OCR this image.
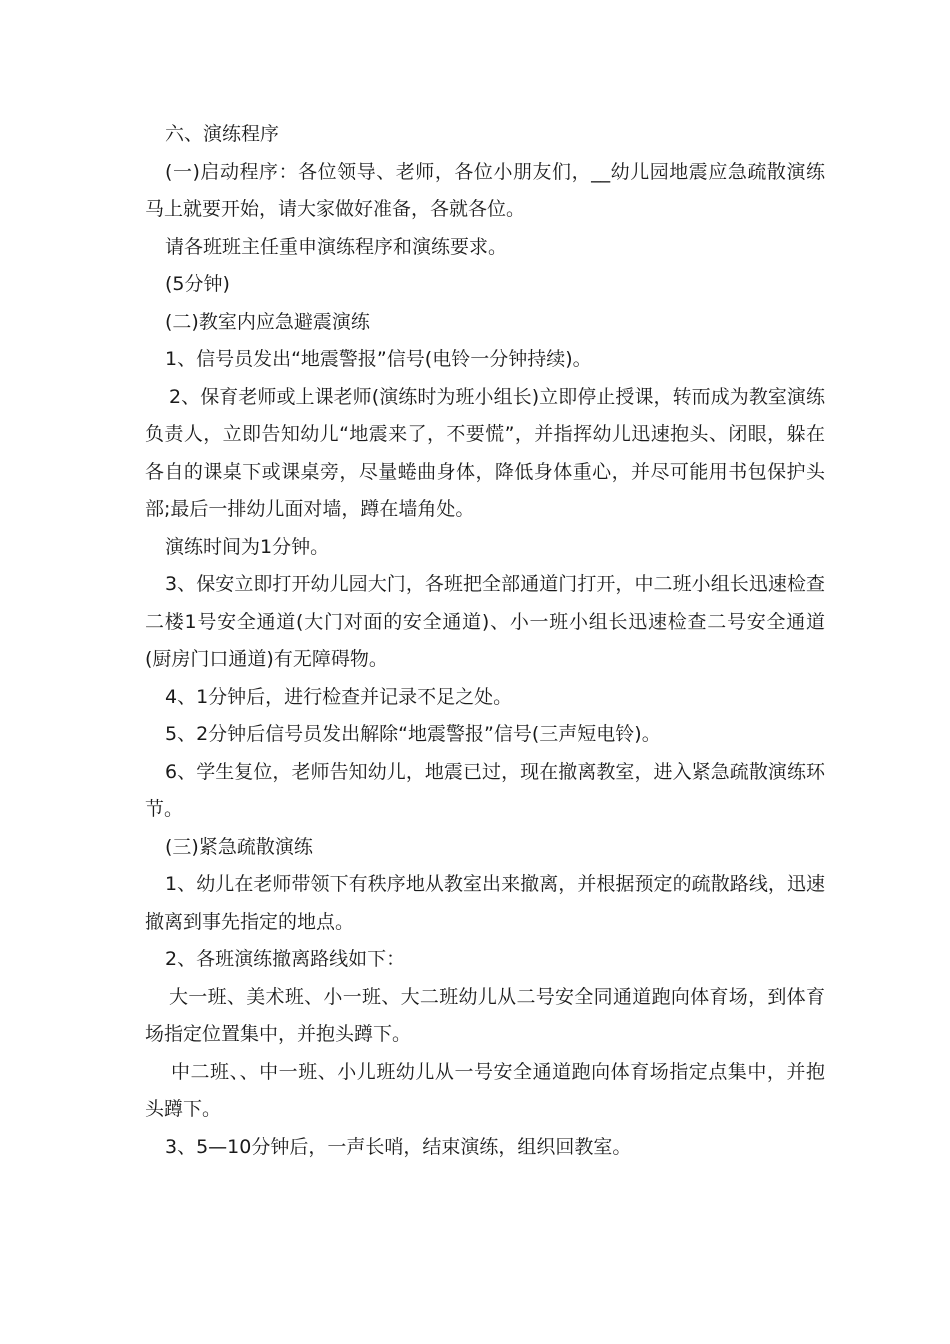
六、演练程序

(一)启动程序：各位领导、老师，各位小朋友们，__幼儿园地震应急疏散演练马上就要开始，请大家做好准备，各就各位。

请各班班主任重申演练程序和演练要求。

(5分钟)

(二)教室内应急避震演练

1、信号员发出“地震警报”信号(电铃一分钟持续)。

2、保育老师或上课老师(演练时为班小组长)立即停止授课，转而成为教室演练负责人，立即告知幼儿“地震来了，不要慌”，并指挥幼儿迅速抱头、闭眼，躲在各自的课桌下或课桌旁，尽量蜷曲身体，降低身体重心，并尽可能用书包保护头部;最后一排幼儿面对墙，蹲在墙角处。

演练时间为1分钟。

3、保安立即打开幼儿园大门，各班把全部通道门打开，中二班小组长迅速检查二楼1号安全通道(大门对面的安全通道)、小一班小组长迅速检查二号安全通道(厨房门口通道)有无障碍物。

4、1分钟后，进行检查并记录不足之处。

5、2分钟后信号员发出解除“地震警报”信号(三声短电铃)。

6、学生复位，老师告知幼儿，地震已过，现在撤离教室，进入紧急疏散演练环节。

(三)紧急疏散演练

1、幼儿在老师带领下有秩序地从教室出来撤离，并根据预定的疏散路线，迅速撤离到事先指定的地点。

2、各班演练撤离路线如下：

大一班、美术班、小一班、大二班幼儿从二号安全同通道跑向体育场，到体育场指定位置集中，并抱头蹲下。

中二班、、中一班、小儿班幼儿从一号安全通道跑向体育场指定点集中，并抱头蹲下。

3、5—10分钟后，一声长哨，结束演练，组织回教室。
